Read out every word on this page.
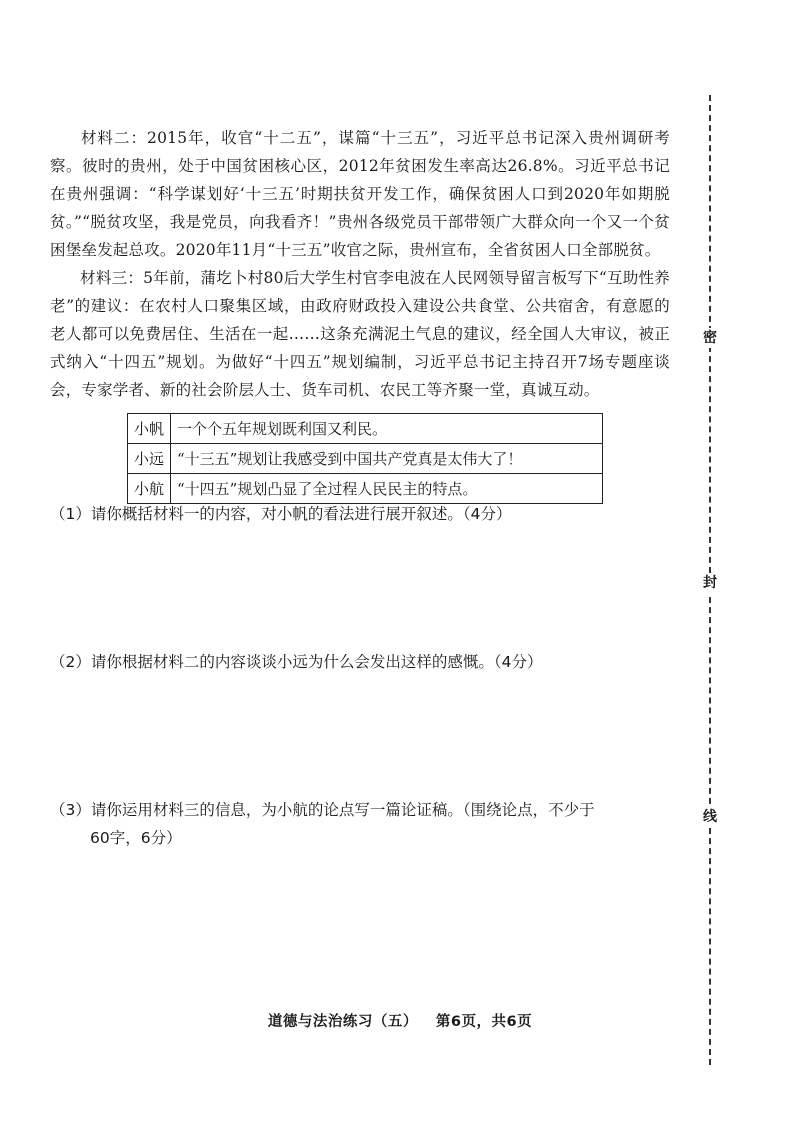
材料二：2015年，收官“十二五”，谋篇“十三五”，习近平总书记深入贵州调研考察。彼时的贵州，处于中国贫困核心区，2012年贫困发生率高达26.8%。习近平总书记在贵州强调：“科学谋划好‘十三五’时期扶贫开发工作，确保贫困人口到2020年如期脱贫。”“脱贫攻坚，我是党员，向我看齐！”贵州各级党员干部带领广大群众向一个又一个贫困堡垒发起总攻。2020年11月“十三五”收官之际，贵州宣布，全省贫困人口全部脱贫。

材料三：5年前，蒲圪卜村80后大学生村官李电波在人民网领导留言板写下“互助性养老”的建议：在农村人口聚集区域，由政府财政投入建设公共食堂、公共宿舍，有意愿的老人都可以免费居住、生活在一起……这条充满泥土气息的建议，经全国人大审议，被正式纳入“十四五”规划。为做好“十四五”规划编制，习近平总书记主持召开7场专题座谈会，专家学者、新的社会阶层人士、货车司机、农民工等齐聚一堂，真诚互动。

小帆	一个个五年规划既利国又利民。
小远	“十三五”规划让我感受到中国共产党真是太伟大了！
小航	“十四五”规划凸显了全过程人民民主的特点。
（1）请你概括材料一的内容，对小帆的看法进行展开叙述。（4分）
（2）请你根据材料二的内容谈谈小远为什么会发出这样的感慨。（4分）
（3）请你运用材料三的信息，为小航的论点写一篇论证稿。（围绕论点，不少于
60字，6分）
道德与法治练习（五） 第6页，共6页
密
封
线
